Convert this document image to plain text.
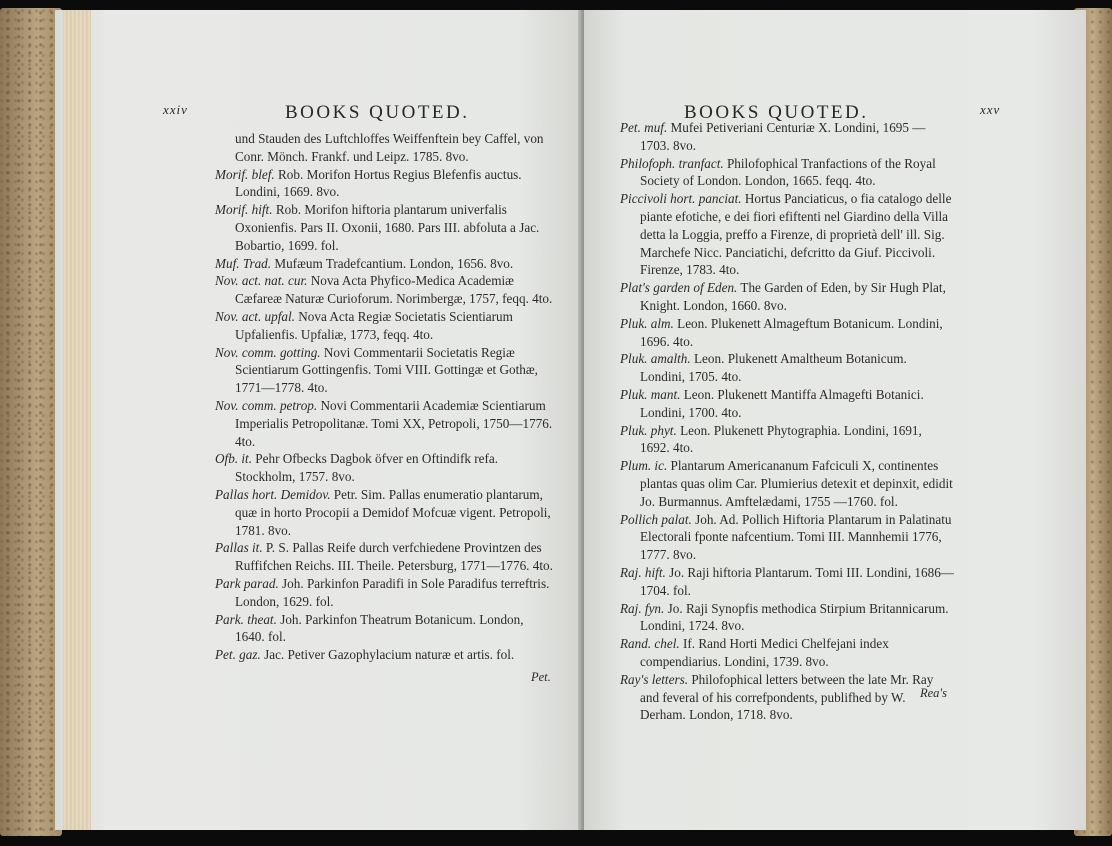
xxiv	BOOKS QUOTED.

und Stauden des Luftchloffes Weiffenftein bey Caffel, von Conr. Mönch. Frankf. und Leipz. 1785. 8vo.

Morif. blef. Rob. Morifon Hortus Regius Blefenfis auctus. Londini, 1669. 8vo.

Morif. hift. Rob. Morifon hiftoria plantarum univerfalis Oxonienfis. Pars II. Oxonii, 1680. Pars III. abfoluta a Jac. Bobartio, 1699. fol.

Muf. Trad. Mufæum Tradefcantium. London, 1656. 8vo.

Nov. act. nat. cur. Nova Acta Phyfico-Medica Academiæ Cæfareæ Naturæ Curioforum. Norimbergæ, 1757, feqq. 4to.

Nov. act. upfal. Nova Acta Regiæ Societatis Scientiarum Upfalienfis. Upfaliæ, 1773, feqq. 4to.

Nov. comm. gotting. Novi Commentarii Societatis Regiæ Scientiarum Gottingenfis. Tomi VIII. Gottingæ et Gothæ, 1771—1778. 4to.

Nov. comm. petrop. Novi Commentarii Academiæ Scientiarum Imperialis Petropolitanæ. Tomi XX, Petropoli, 1750—1776. 4to.

Ofb. it. Pehr Ofbecks Dagbok öfver en Oftindifk refa. Stockholm, 1757. 8vo.

Pallas hort. Demidov. Petr. Sim. Pallas enumeratio plantarum, quæ in horto Procopii a Demidof Mofcuæ vigent. Petropoli, 1781. 8vo.

Pallas it. P. S. Pallas Reife durch verfchiedene Provintzen des Ruffifchen Reichs. III. Theile. Petersburg, 1771—1776. 4to.

Park parad. Joh. Parkinfon Paradifi in Sole Paradifus terreftris. London, 1629. fol.

Park. theat. Joh. Parkinfon Theatrum Botanicum. London, 1640. fol.

Pet. gaz. Jac. Petiver Gazophylacium naturæ et artis. fol.

Pet.
BOOKS QUOTED.	xxv

Pet. muf. Mufei Petiveriani Centuriæ X. Londini, 1695 —1703. 8vo.

Philofoph. tranfact. Philofophical Tranfactions of the Royal Society of London. London, 1665. feqq. 4to.

Piccivoli hort. panciat. Hortus Panciaticus, o fia catalogo delle piante efotiche, e dei fiori efiftenti nel Giardino della Villa detta la Loggia, preffo a Firenze, di proprietà dell' ill. Sig. Marchefe Nicc. Panciatichi, defcritto da Giuf. Piccivoli. Firenze, 1783. 4to.

Plat's garden of Eden. The Garden of Eden, by Sir Hugh Plat, Knight. London, 1660. 8vo.

Pluk. alm. Leon. Plukenett Almageftum Botanicum. Londini, 1696. 4to.

Pluk. amalth. Leon. Plukenett Amaltheum Botanicum. Londini, 1705. 4to.

Pluk. mant. Leon. Plukenett Mantiffa Almagefti Botanici. Londini, 1700. 4to.

Pluk. phyt. Leon. Plukenett Phytographia. Londini, 1691, 1692. 4to.

Plum. ic. Plantarum Americananum Fafciculi X, continentes plantas quas olim Car. Plumierius detexit et depinxit, edidit Jo. Burmannus. Amftelædami, 1755 —1760. fol.

Pollich palat. Joh. Ad. Pollich Hiftoria Plantarum in Palatinatu Electorali fponte nafcentium. Tomi III. Mannhemii 1776, 1777. 8vo.

Raj. hift. Jo. Raji hiftoria Plantarum. Tomi III. Londini, 1686—1704. fol.

Raj. fyn. Jo. Raji Synopfis methodica Stirpium Britannicarum. Londini, 1724. 8vo.

Rand. chel. If. Rand Horti Medici Chelfejani index compendiarius. Londini, 1739. 8vo.

Ray's letters. Philofophical letters between the late Mr. Ray and feveral of his correfpondents, publifhed by W. Derham. London, 1718. 8vo.

Rea's
